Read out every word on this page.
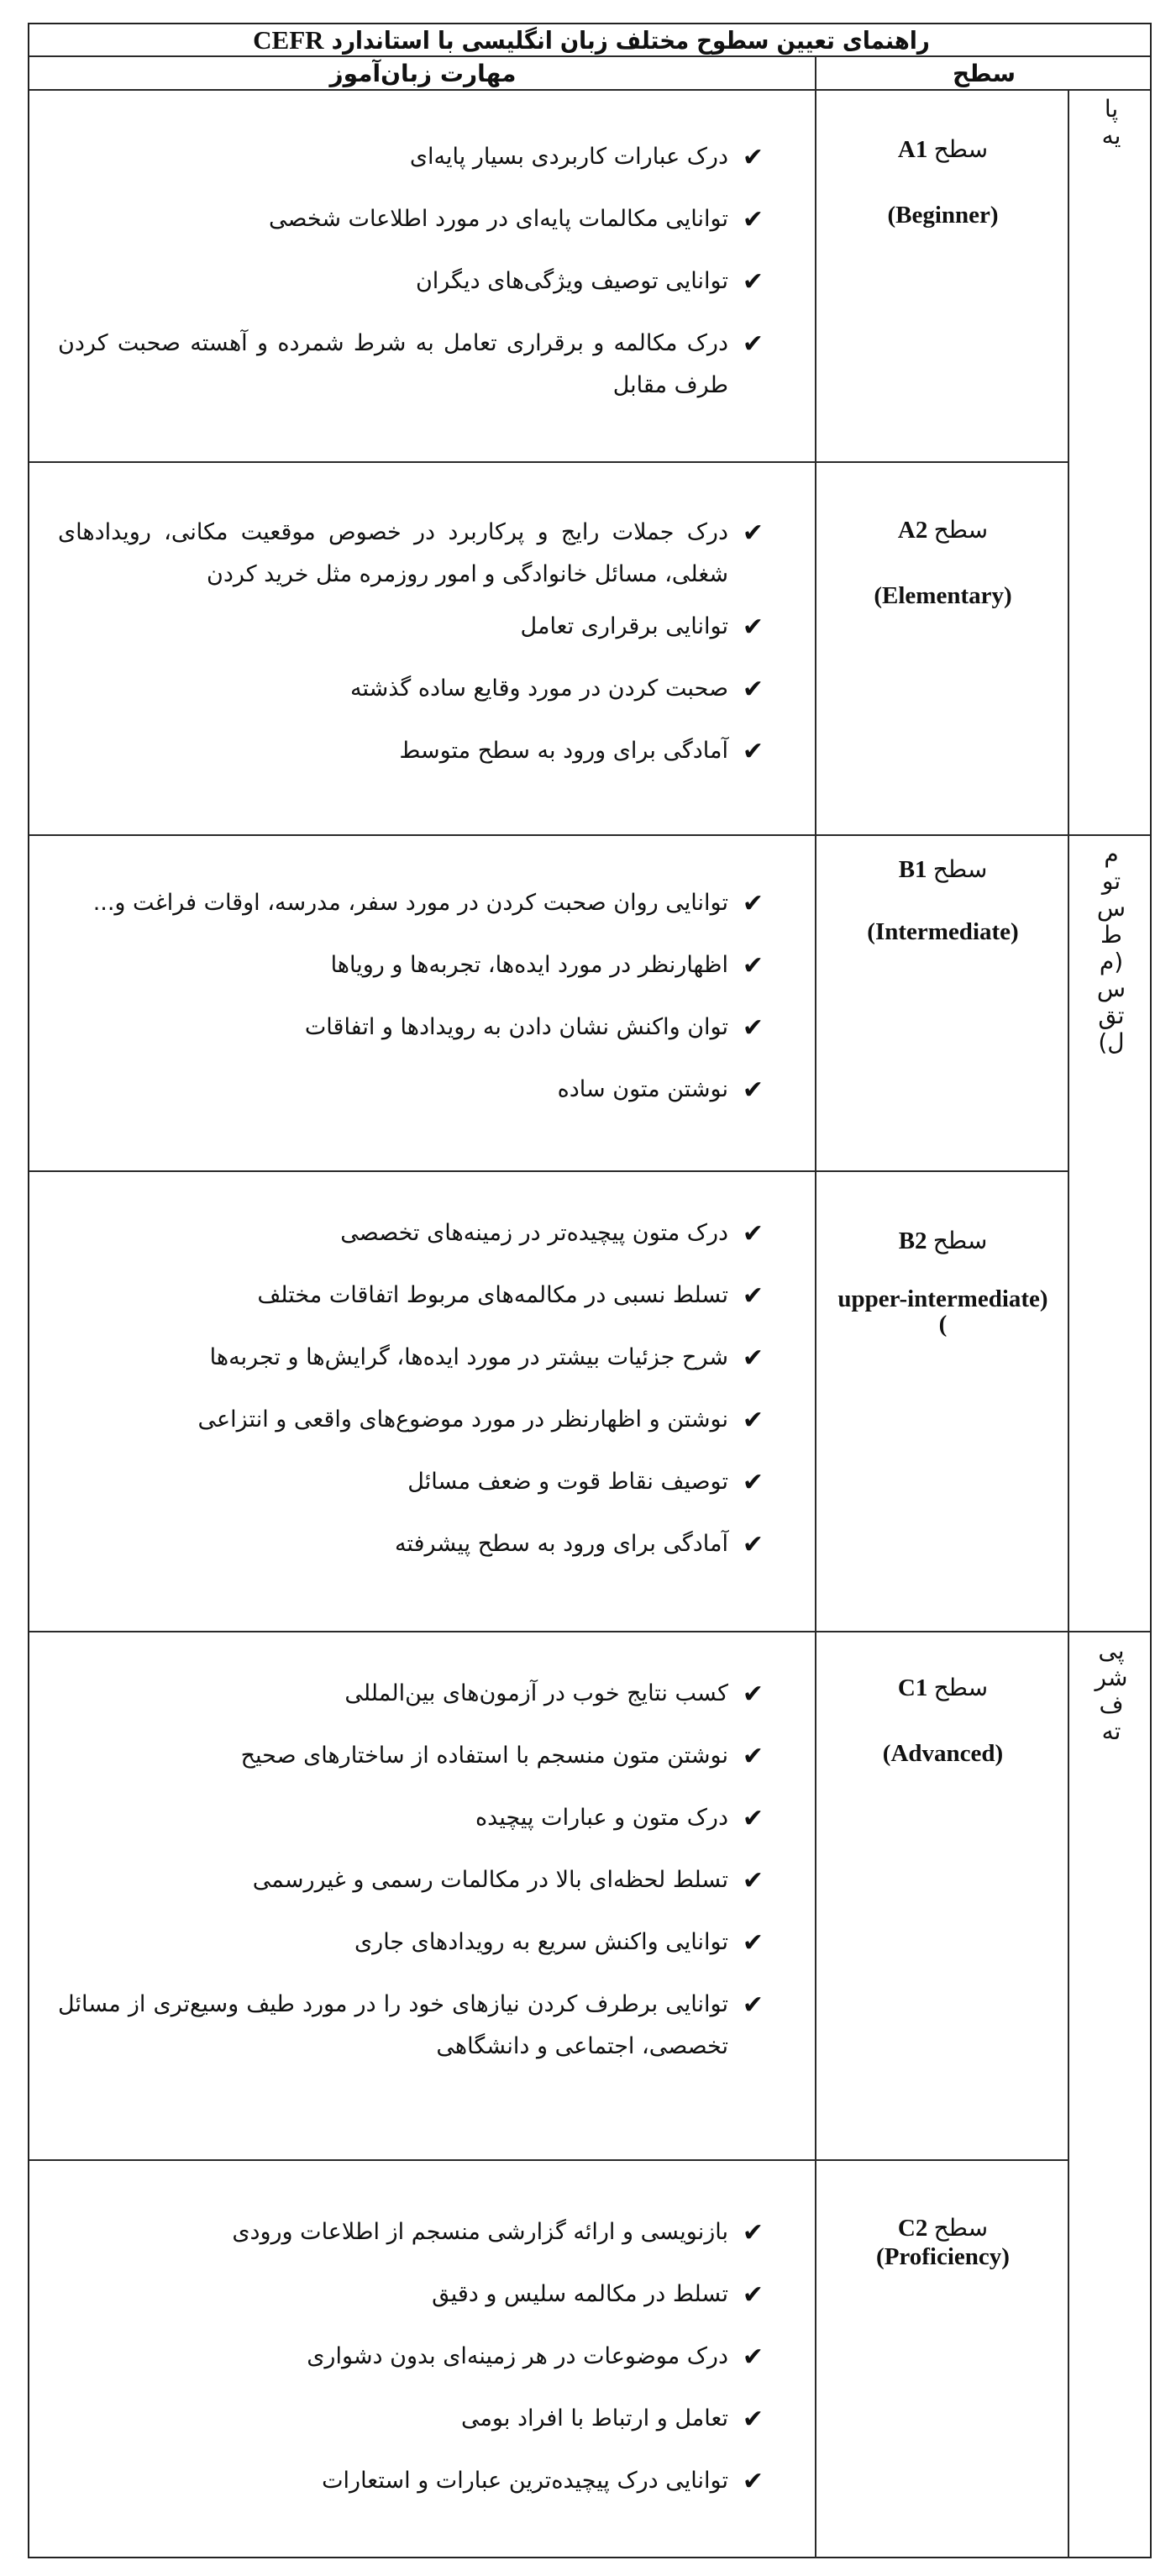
راهنمای تعیین سطوح مختلف زبان انگلیسی با استاندارد CEFR
مهارت زبان‌آموز	سطح
پا
یه
م
تو
س
ط
(م
س
تق
ل)
پی
شر
ف
ته
سطح A1
(Beginner)
✔
درک عبارات کاربردی بسیار پایه‌ای
✔
توانایی مکالمات پایه‌ای در مورد اطلاعات شخصی
✔
توانایی توصیف ویژگی‌های دیگران
✔
درک مکالمه و برقراری تعامل به شرط شمرده و آهسته صحبت کردن طرف مقابل
سطح A2
(Elementary)
✔
درک جملات رایج و پرکاربرد در خصوص موقعیت مکانی، رویدادهای شغلی، مسائل خانوادگی و امور روزمره مثل خرید کردن
✔
توانایی برقراری تعامل
✔
صحبت کردن در مورد وقایع ساده گذشته
✔
آمادگی برای ورود به سطح متوسط
سطح B1
(Intermediate)
✔
توانایی روان صحبت کردن در مورد سفر، مدرسه، اوقات فراغت و...
✔
اظهارنظر در مورد ایده‌ها، تجربه‌ها و رویاها
✔
توان واکنش نشان دادن به رویدادها و اتفاقات
✔
نوشتن متون ساده
سطح B2
upper-intermediate)
(
✔
درک متون پیچیده‌تر در زمینه‌های تخصصی
✔
تسلط نسبی در مکالمه‌های مربوط اتفاقات مختلف
✔
شرح جزئیات بیشتر در مورد ایده‌ها، گرایش‌ها و تجربه‌ها
✔
نوشتن و اظهارنظر در مورد موضوع‌های واقعی و انتزاعی
✔
توصیف نقاط قوت و ضعف مسائل
✔
آمادگی برای ورود به سطح پیشرفته
سطح C1
(Advanced)
✔
کسب نتایج خوب در آزمون‌های بین‌المللی
✔
نوشتن متون منسجم با استفاده از ساختارهای صحیح
✔
درک متون و عبارات پیچیده
✔
تسلط لحظه‌ای بالا در مکالمات رسمی و غیررسمی
✔
توانایی واکنش سریع به رویدادهای جاری
✔
توانایی برطرف کردن نیازهای خود را در مورد طیف وسیع‌تری از مسائل تخصصی، اجتماعی و دانشگاهی
سطح C2
(Proficiency)
✔
بازنویسی و ارائه گزارشی منسجم از اطلاعات ورودی
✔
تسلط در مکالمه سلیس و دقیق
✔
درک موضوعات در هر زمینه‌ای بدون دشواری
✔
تعامل و ارتباط با افراد بومی
✔
توانایی درک پیچیده‌ترین عبارات و استعارات
